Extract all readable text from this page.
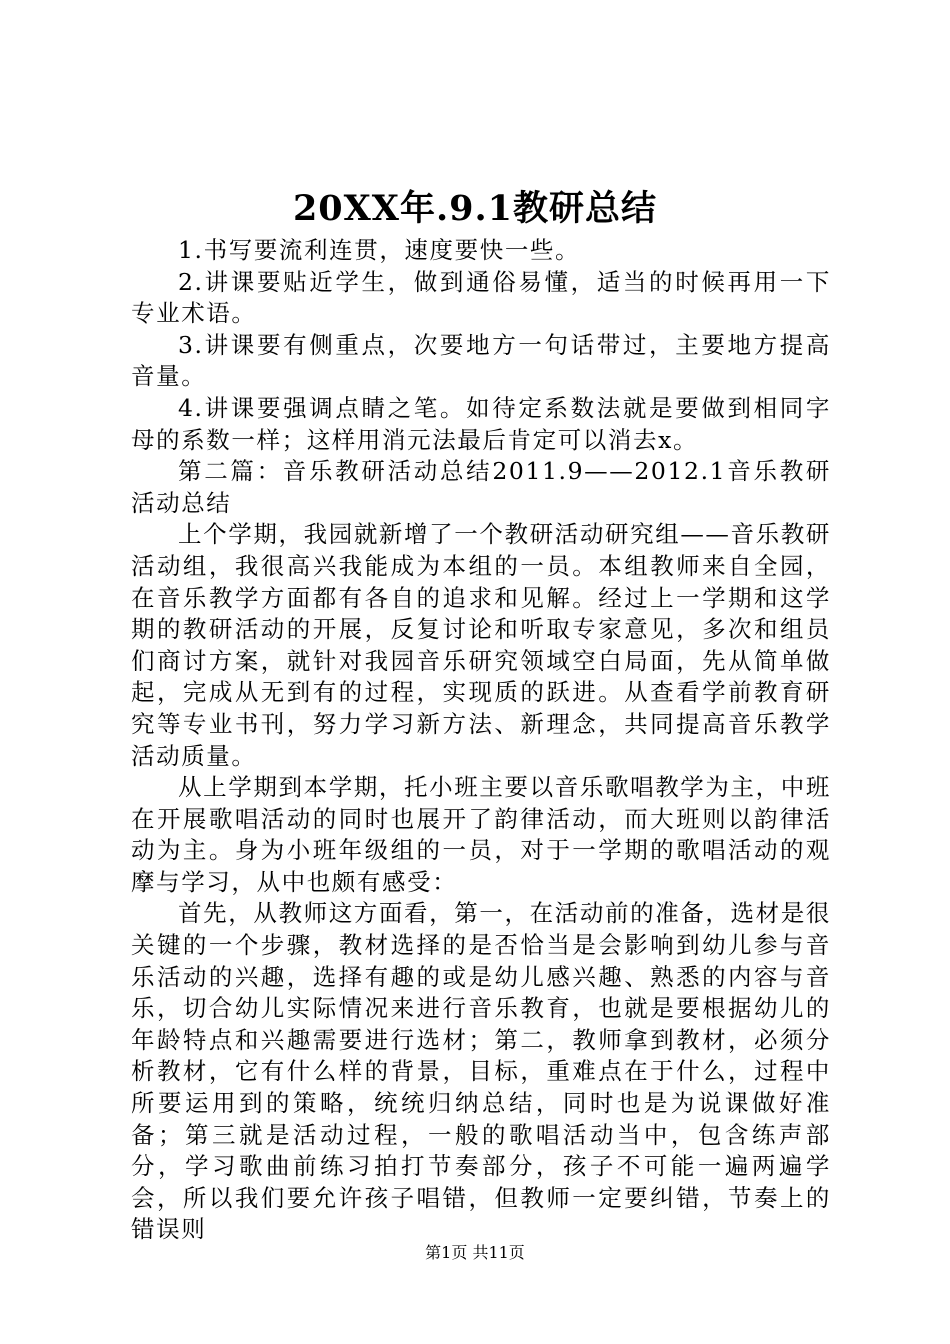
20XX年.9.1教研总结

1.书写要流利连贯，速度要快一些。

2.讲课要贴近学生，做到通俗易懂，适当的时候再用一下专业术语。

3.讲课要有侧重点，次要地方一句话带过，主要地方提高音量。

4.讲课要强调点睛之笔。如待定系数法就是要做到相同字母的系数一样；这样用消元法最后肯定可以消去x。

第二篇：音乐教研活动总结2011.9——2012.1音乐教研活动总结

上个学期，我园就新增了一个教研活动研究组——音乐教研活动组，我很高兴我能成为本组的一员。本组教师来自全园，在音乐教学方面都有各自的追求和见解。经过上一学期和这学期的教研活动的开展，反复讨论和听取专家意见，多次和组员们商讨方案，就针对我园音乐研究领域空白局面，先从简单做起，完成从无到有的过程，实现质的跃进。从查看学前教育研究等专业书刊，努力学习新方法、新理念，共同提高音乐教学活动质量。

从上学期到本学期，托小班主要以音乐歌唱教学为主，中班在开展歌唱活动的同时也展开了韵律活动，而大班则以韵律活动为主。身为小班年级组的一员，对于一学期的歌唱活动的观摩与学习，从中也颇有感受：

首先，从教师这方面看，第一，在活动前的准备，选材是很关键的一个步骤，教材选择的是否恰当是会影响到幼儿参与音乐活动的兴趣，选择有趣的或是幼儿感兴趣、熟悉的内容与音乐，切合幼儿实际情况来进行音乐教育，也就是要根据幼儿的年龄特点和兴趣需要进行选材；第二，教师拿到教材，必须分析教材，它有什么样的背景，目标，重难点在于什么，过程中所要运用到的策略，统统归纳总结，同时也是为说课做好准备；第三就是活动过程，一般的歌唱活动当中，包含练声部分，学习歌曲前练习拍打节奏部分，孩子不可能一遍两遍学会，所以我们要允许孩子唱错，但教师一定要纠错，节奏上的错误则

第1页 共11页
